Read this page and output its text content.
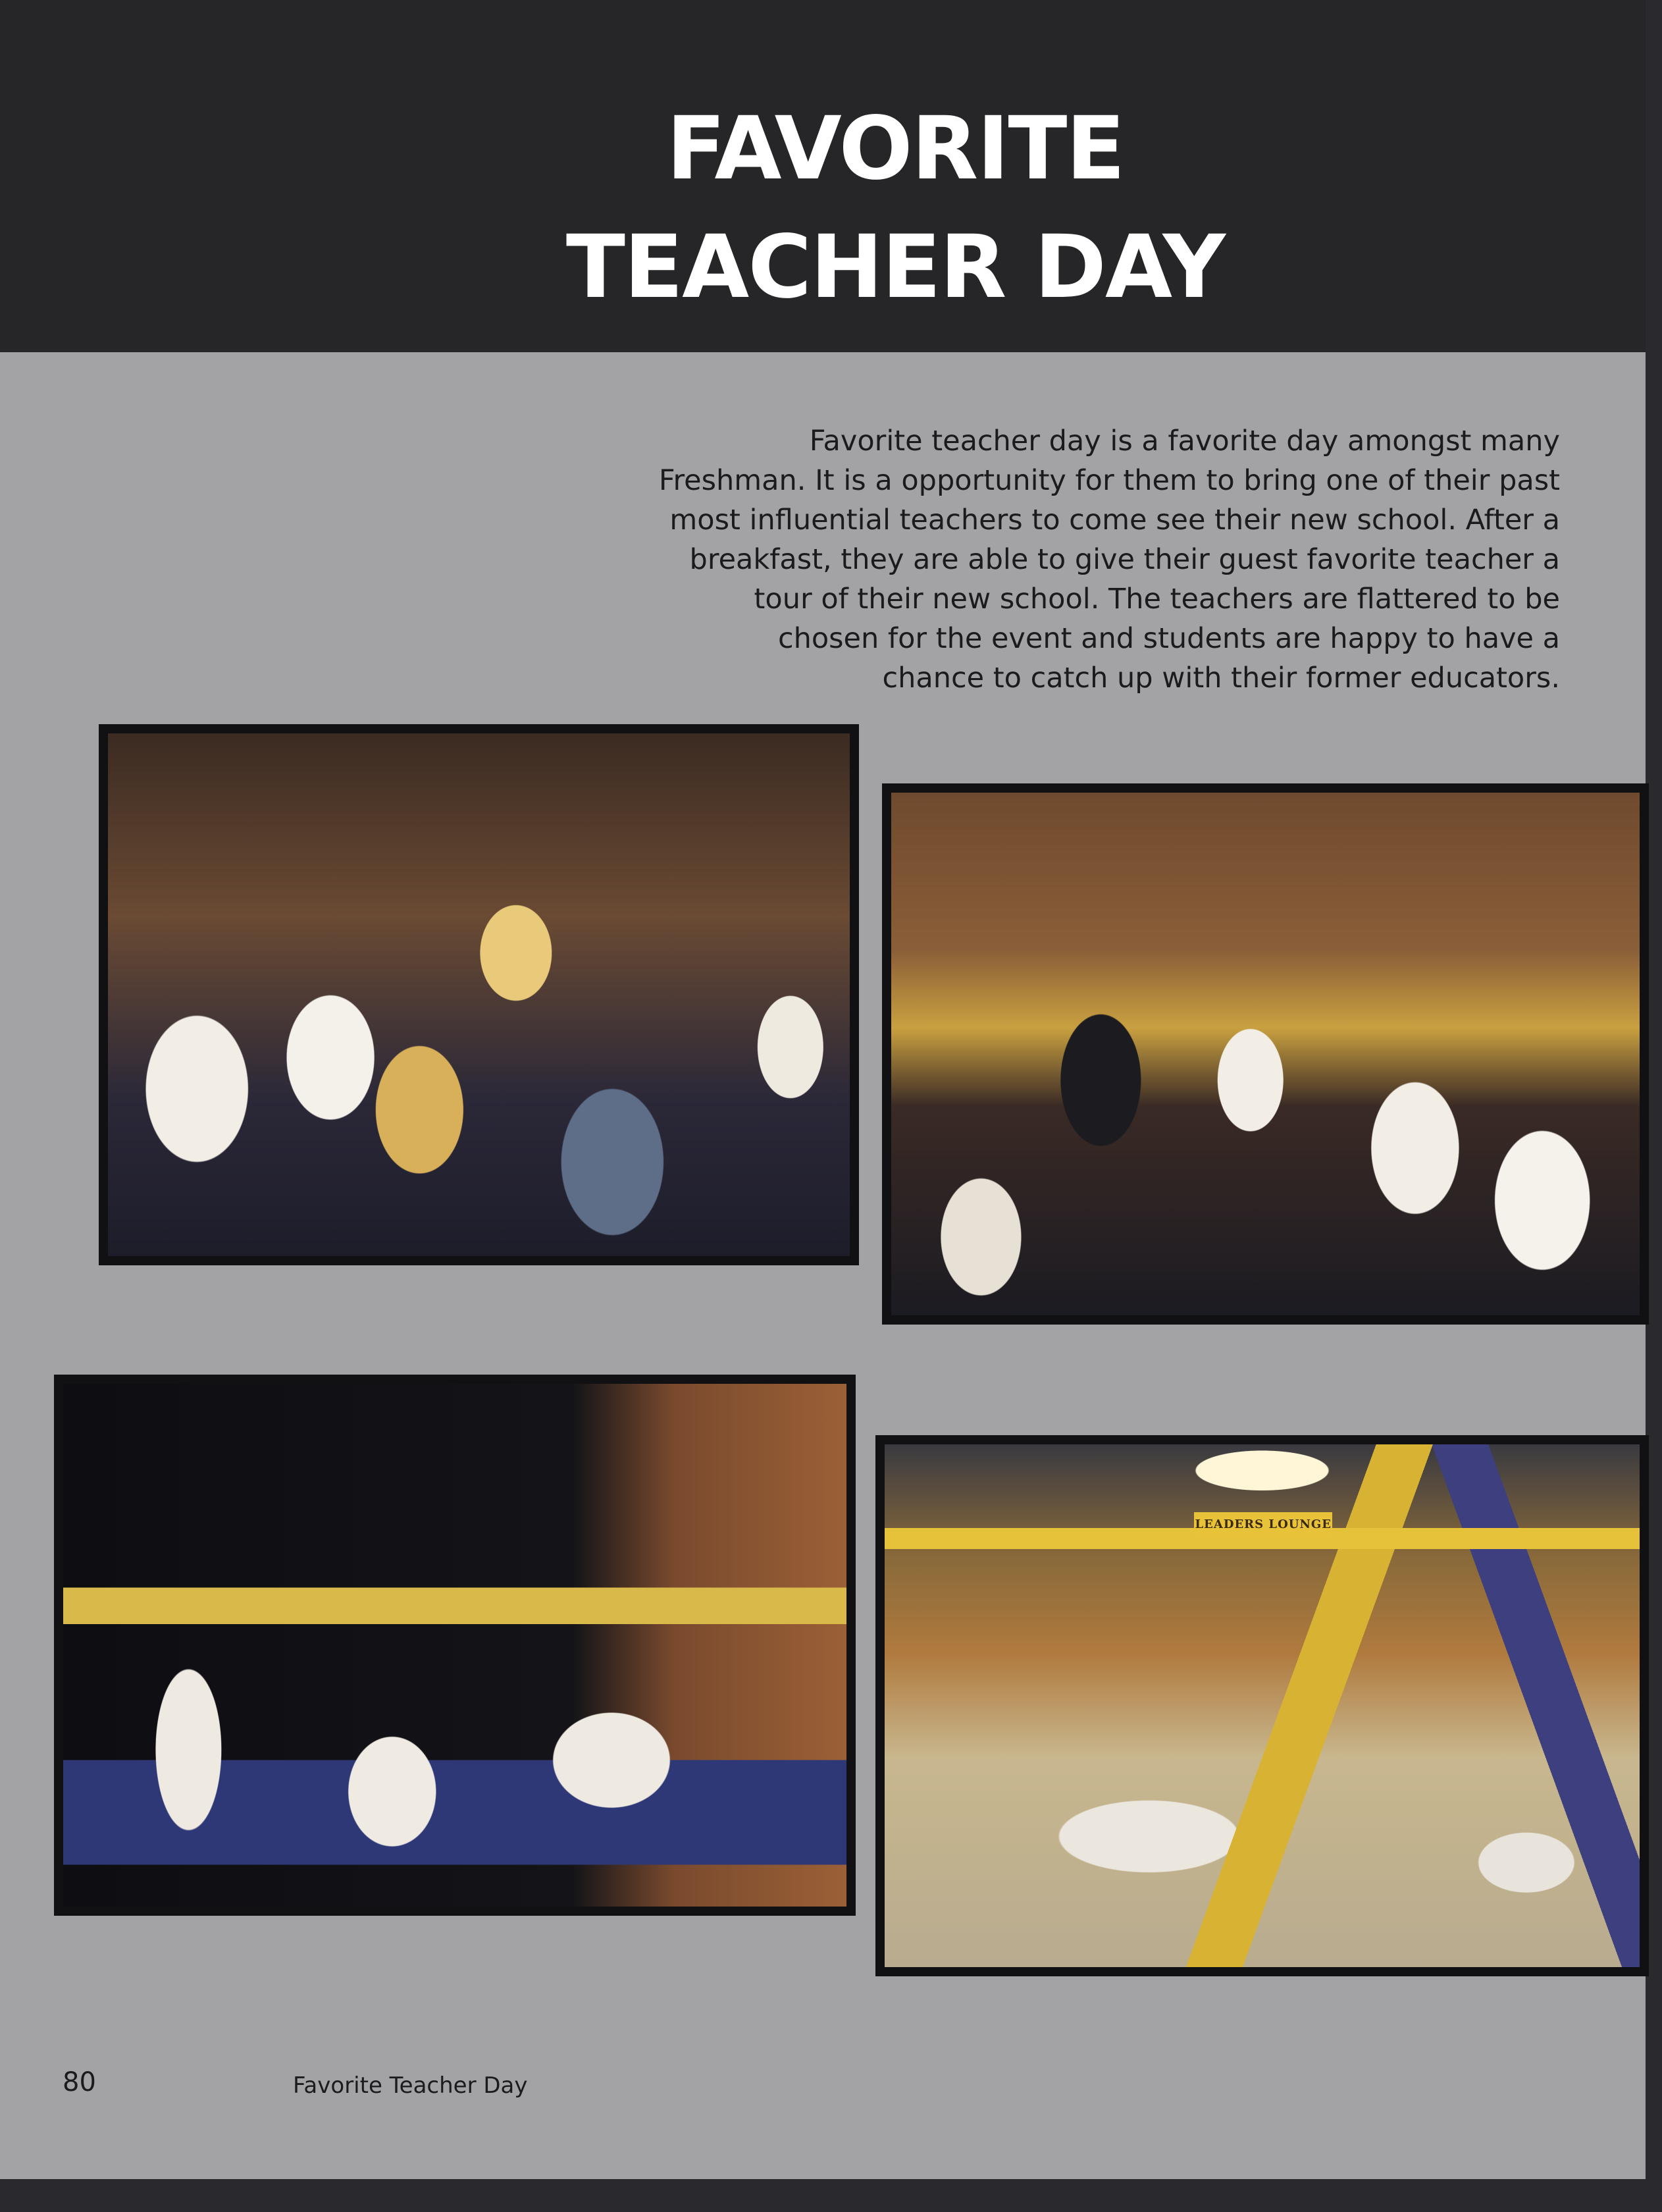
FAVORITE
TEACHER DAY
Favorite teacher day is a favorite day amongst many
Freshman. It is a opportunity for them to bring one of their past
most influential teachers to come see their new school. After a
breakfast, they are able to give their guest favorite teacher a
tour of their new school. The teachers are flattered to be
chosen for the event and students are happy to have a
chance to catch up with their former educators.
LEADERS LOUNGE
80	Favorite Teacher Day
